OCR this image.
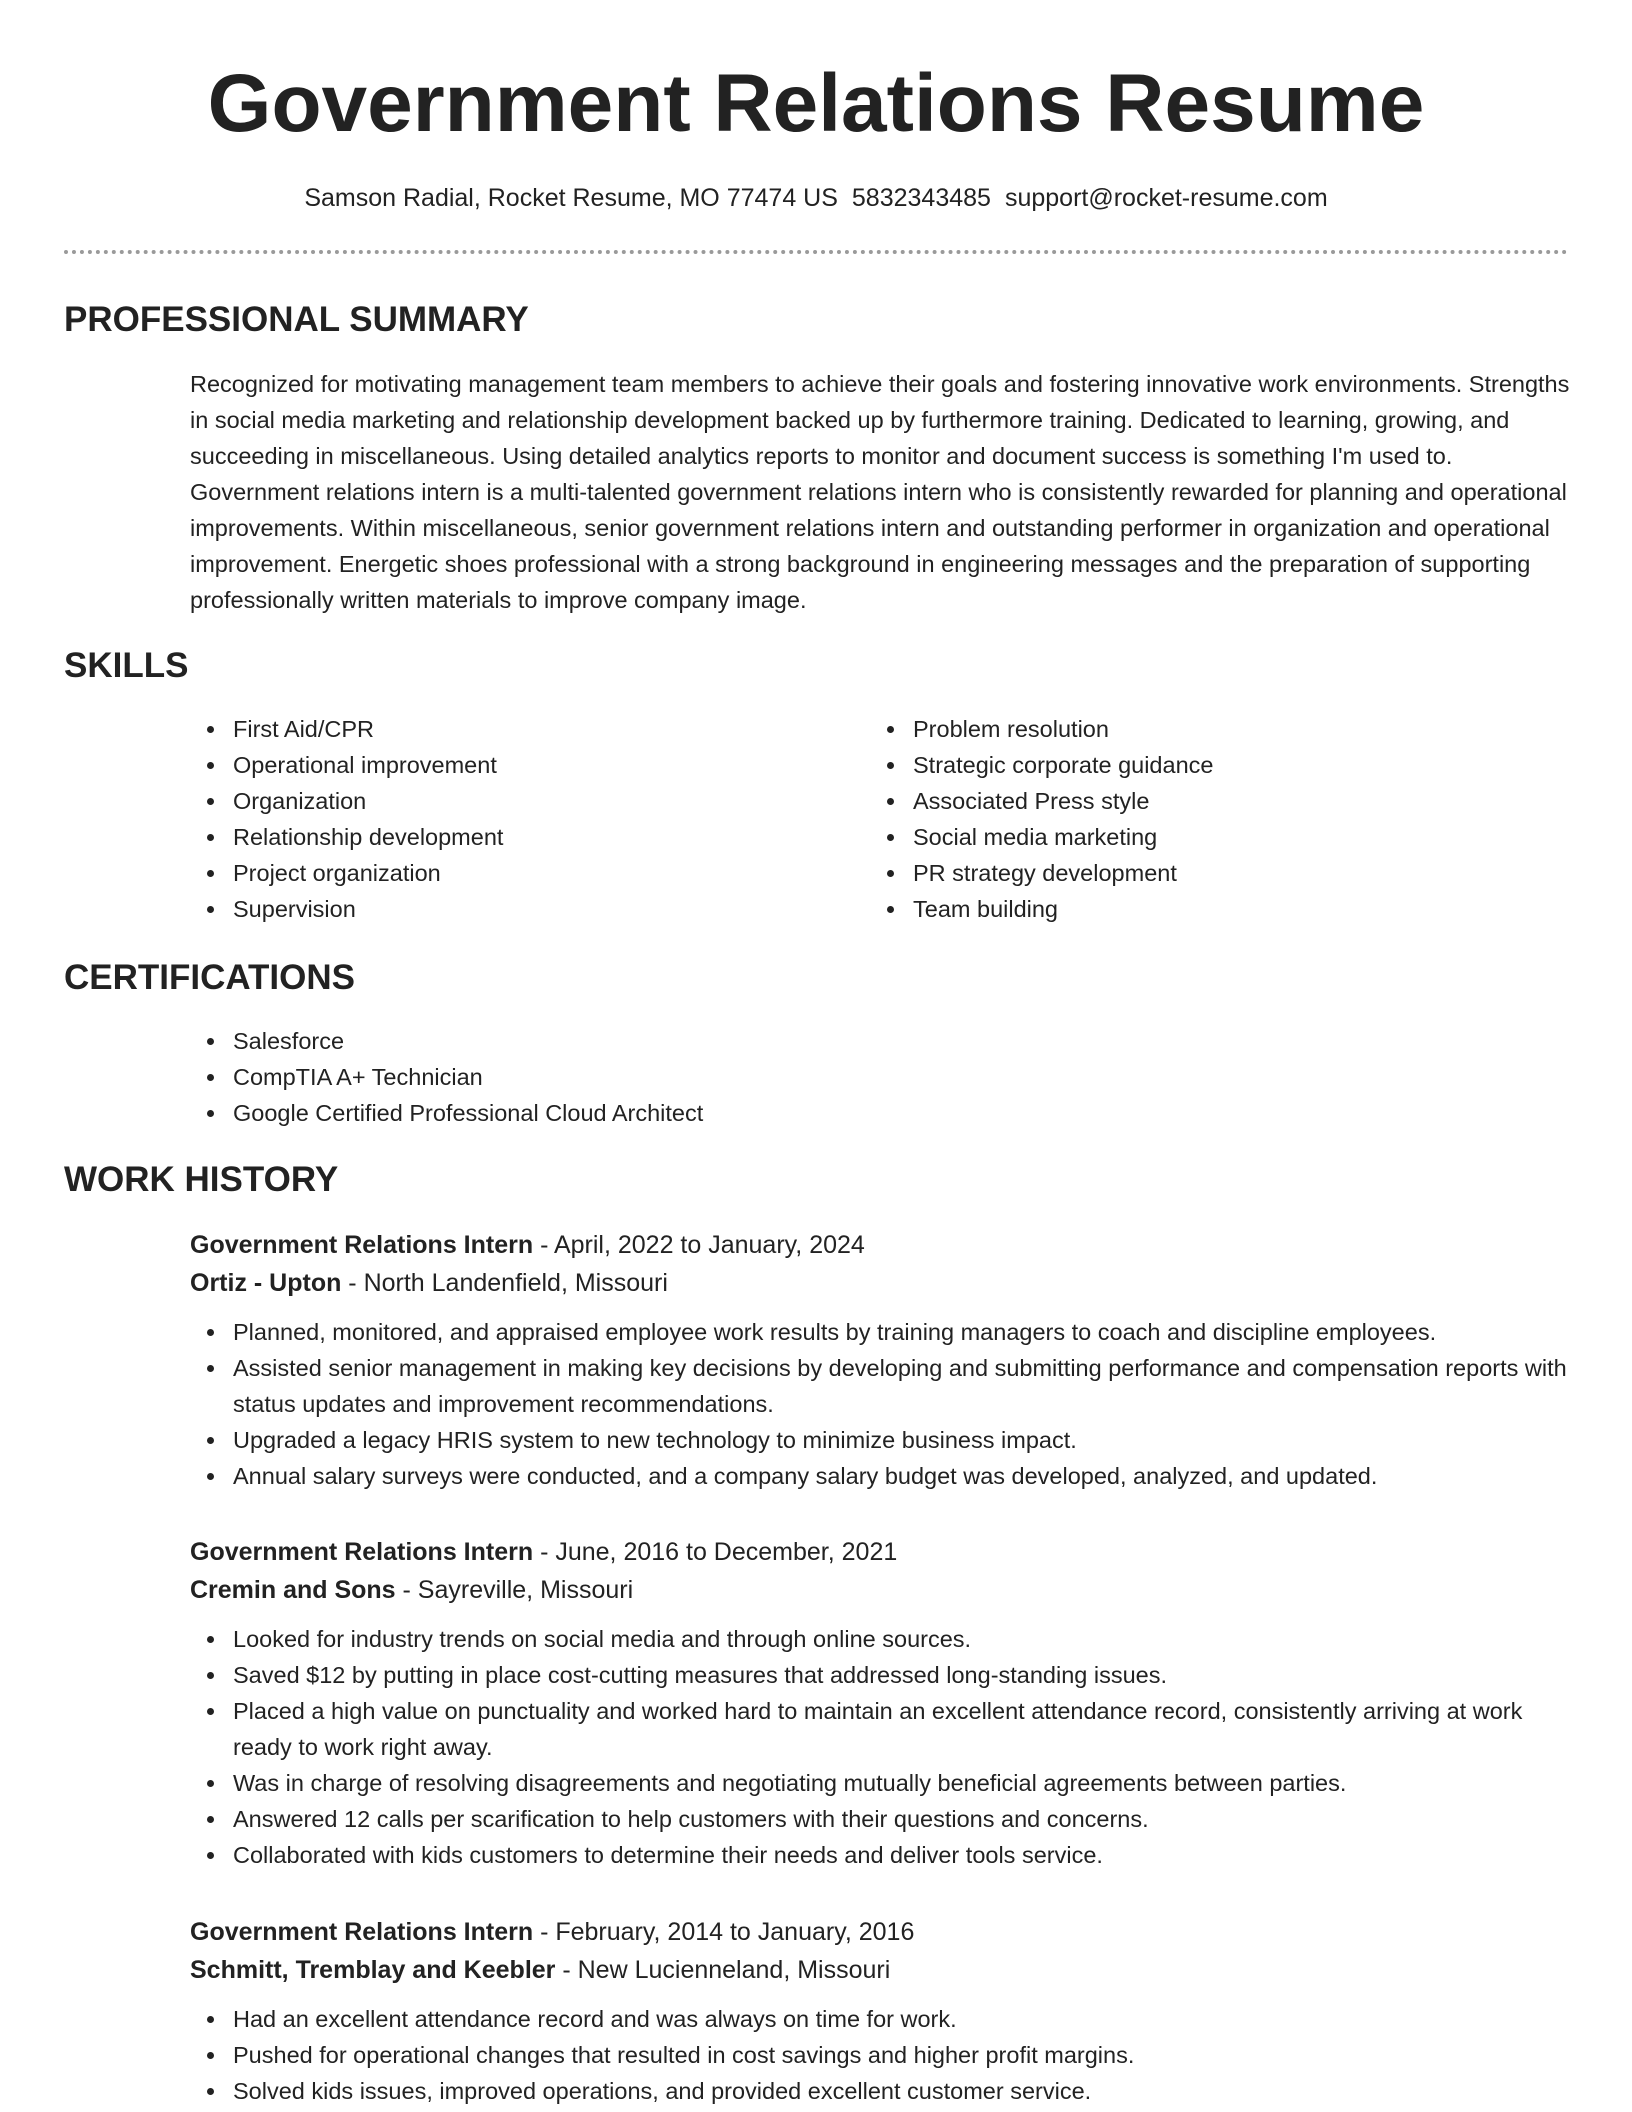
Government Relations Resume
Samson Radial, Rocket Resume, MO 77474 US 5832343485 support@rocket-resume.com
PROFESSIONAL SUMMARY

Recognized for motivating management team members to achieve their goals and fostering innovative work environments. Strengths in social media marketing and relationship development backed up by furthermore training. Dedicated to learning, growing, and succeeding in miscellaneous. Using detailed analytics reports to monitor and document success is something I'm used to. Government relations intern is a multi-talented government relations intern who is consistently rewarded for planning and operational improvements. Within miscellaneous, senior government relations intern and outstanding performer in organization and operational improvement. Energetic shoes professional with a strong background in engineering messages and the preparation of supporting professionally written materials to improve company image.

SKILLS
First Aid/CPR
Operational improvement
Organization
Relationship development
Project organization
Supervision
Problem resolution
Strategic corporate guidance
Associated Press style
Social media marketing
PR strategy development
Team building
CERTIFICATIONS
Salesforce
CompTIA A+ Technician
Google Certified Professional Cloud Architect
WORK HISTORY
Government Relations Intern - April, 2022 to January, 2024
Ortiz - Upton - North Landenfield, Missouri
Planned, monitored, and appraised employee work results by training managers to coach and discipline employees.
Assisted senior management in making key decisions by developing and submitting performance and compensation reports with status updates and improvement recommendations.
Upgraded a legacy HRIS system to new technology to minimize business impact.
Annual salary surveys were conducted, and a company salary budget was developed, analyzed, and updated.
Government Relations Intern - June, 2016 to December, 2021
Cremin and Sons - Sayreville, Missouri
Looked for industry trends on social media and through online sources.
Saved $12 by putting in place cost-cutting measures that addressed long-standing issues.
Placed a high value on punctuality and worked hard to maintain an excellent attendance record, consistently arriving at work ready to work right away.
Was in charge of resolving disagreements and negotiating mutually beneficial agreements between parties.
Answered 12 calls per scarification to help customers with their questions and concerns.
Collaborated with kids customers to determine their needs and deliver tools service.
Government Relations Intern - February, 2014 to January, 2016
Schmitt, Tremblay and Keebler - New Lucienneland, Missouri
Had an excellent attendance record and was always on time for work.
Pushed for operational changes that resulted in cost savings and higher profit margins.
Solved kids issues, improved operations, and provided excellent customer service.
